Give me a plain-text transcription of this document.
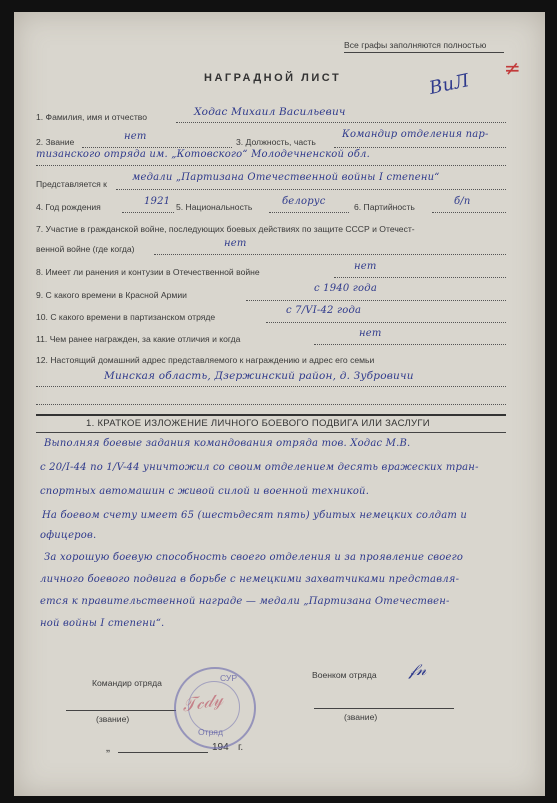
Все графы заполняются полностью
≠
ВиЛ
НАГРАДНОЙ ЛИСТ
1. Фамилия, имя и отчество	Ходас Михаил Васильевич
2. Звание	нет	3. Должность, часть
Командир отделения пар-
тизанского отряда им. „Котовского“ Молодечненской обл.
Представляется к
медали „Партизана Отечественной войны I степени“
4. Год рождения	1921 5. Национальность	белорус	6. Партийность	б/п
7. Участие в гражданской войне, последующих боевых действиях по защите СССР и Отечест-
венной войне (где когда)	нет
8. Имеет ли ранения и контузии в Отечественной войне	нет
9. С какого времени в Красной Армии
с 1940 года
10. С какого времени в партизанском отряде
с 7/VI-42 года
11. Чем ранее награжден, за какие отличия и когда	нет
12. Настоящий домашний адрес представляемого к награждению и адрес его семьи
Минская область, Дзержинский район, д. Зубровичи
1. КРАТКОЕ ИЗЛОЖЕНИЕ ЛИЧНОГО БОЕВОГО ПОДВИГА ИЛИ ЗАСЛУГИ
Выполняя боевые задания командования отряда тов. Ходас М.В.
с 20/I-44 по 1/V-44 уничтожил со своим отделением десять вражеских тран-
спортных автомашин с живой силой и военной техникой.
На боевом счету имеет 65 (шестьдесят пять) убитых немецких солдат и
офицеров.
За хорошую боевую способность своего отделения и за проявление своего
личного боевого подвига в борьбе с немецкими захватчиками представля-
ется к правительственной награде — медали „Партизана Отечествен-
ной войны I степени“.
Командир отряда
(звание)
Военком отряда 𝒻𝓃
(звание)
„	194 г.
СУР
Отряд
𝒯𝒸𝒹𝓎
